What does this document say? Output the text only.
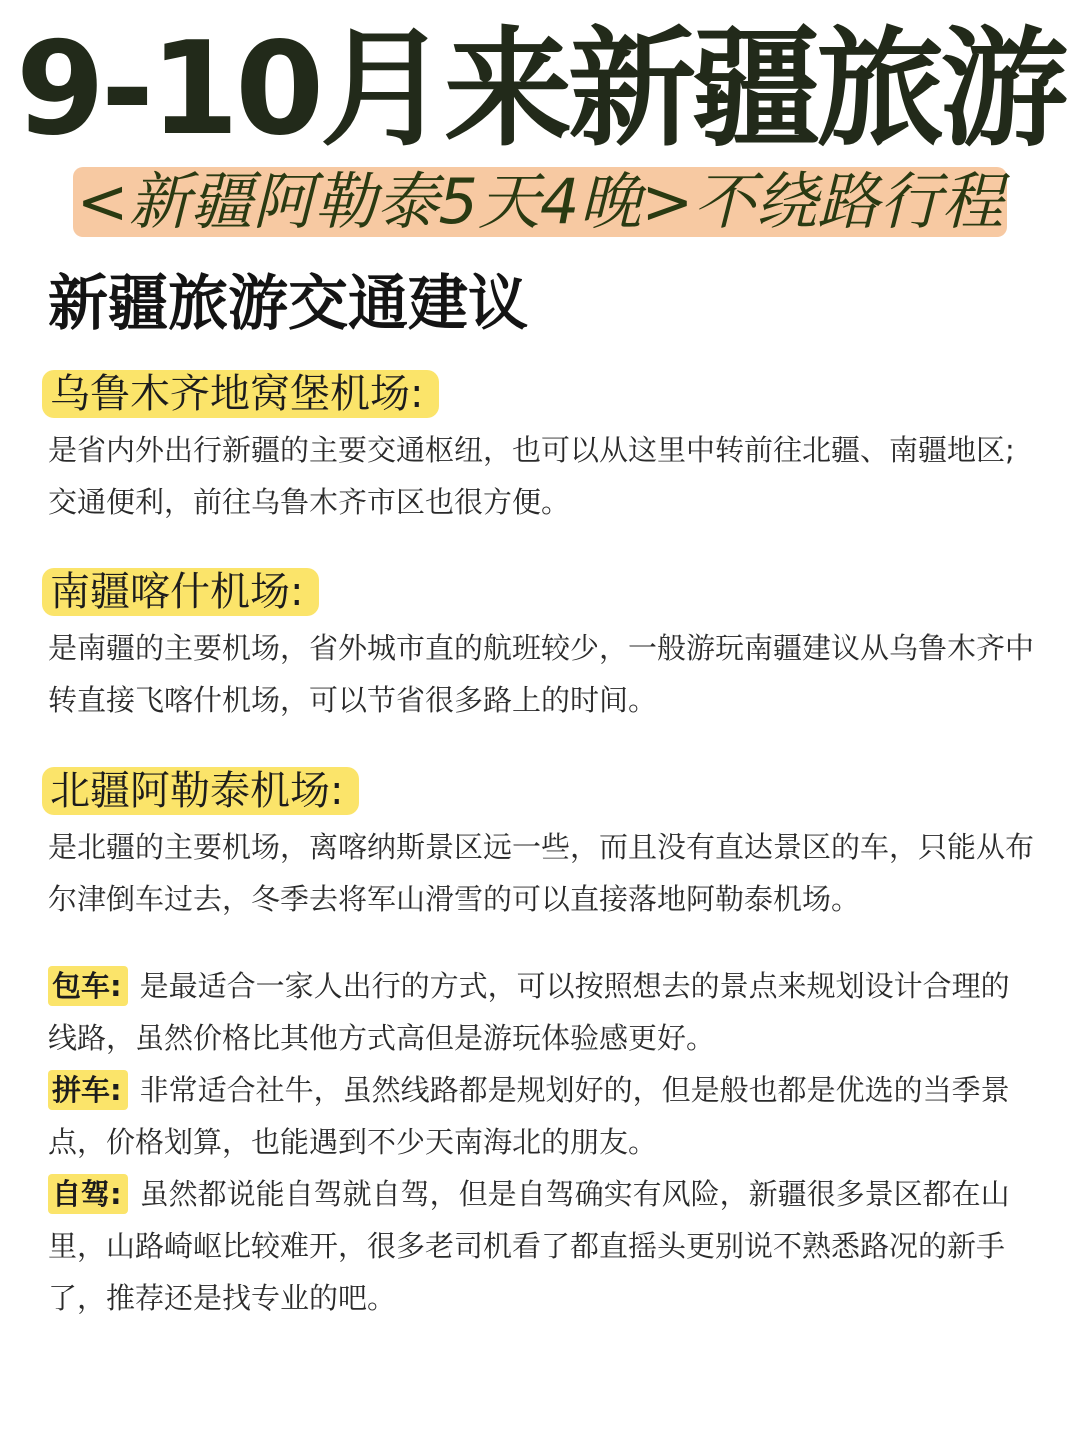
9-10月来新疆旅游
<新疆阿勒泰5天4晚>不绕路行程
新疆旅游交通建议
乌鲁木齐地窝堡机场:
是省内外出行新疆的主要交通枢纽，也可以从这里中转前往北疆、南疆地区;交通便利，前往乌鲁木齐市区也很方便。
南疆喀什机场:
是南疆的主要机场，省外城市直的航班较少，一般游玩南疆建议从乌鲁木齐中转直接飞喀什机场，可以节省很多路上的时间。
北疆阿勒泰机场:
是北疆的主要机场，离喀纳斯景区远一些，而且没有直达景区的车，只能从布尔津倒车过去，冬季去将军山滑雪的可以直接落地阿勒泰机场。
包车: 是最适合一家人出行的方式，可以按照想去的景点来规划设计合理的线路，虽然价格比其他方式高但是游玩体验感更好。
拼车: 非常适合社牛，虽然线路都是规划好的，但是般也都是优选的当季景点，价格划算，也能遇到不少天南海北的朋友。
自驾: 虽然都说能自驾就自驾，但是自驾确实有风险，新疆很多景区都在山里，山路崎岖比较难开，很多老司机看了都直摇头更别说不熟悉路况的新手了，推荐还是找专业的吧。
